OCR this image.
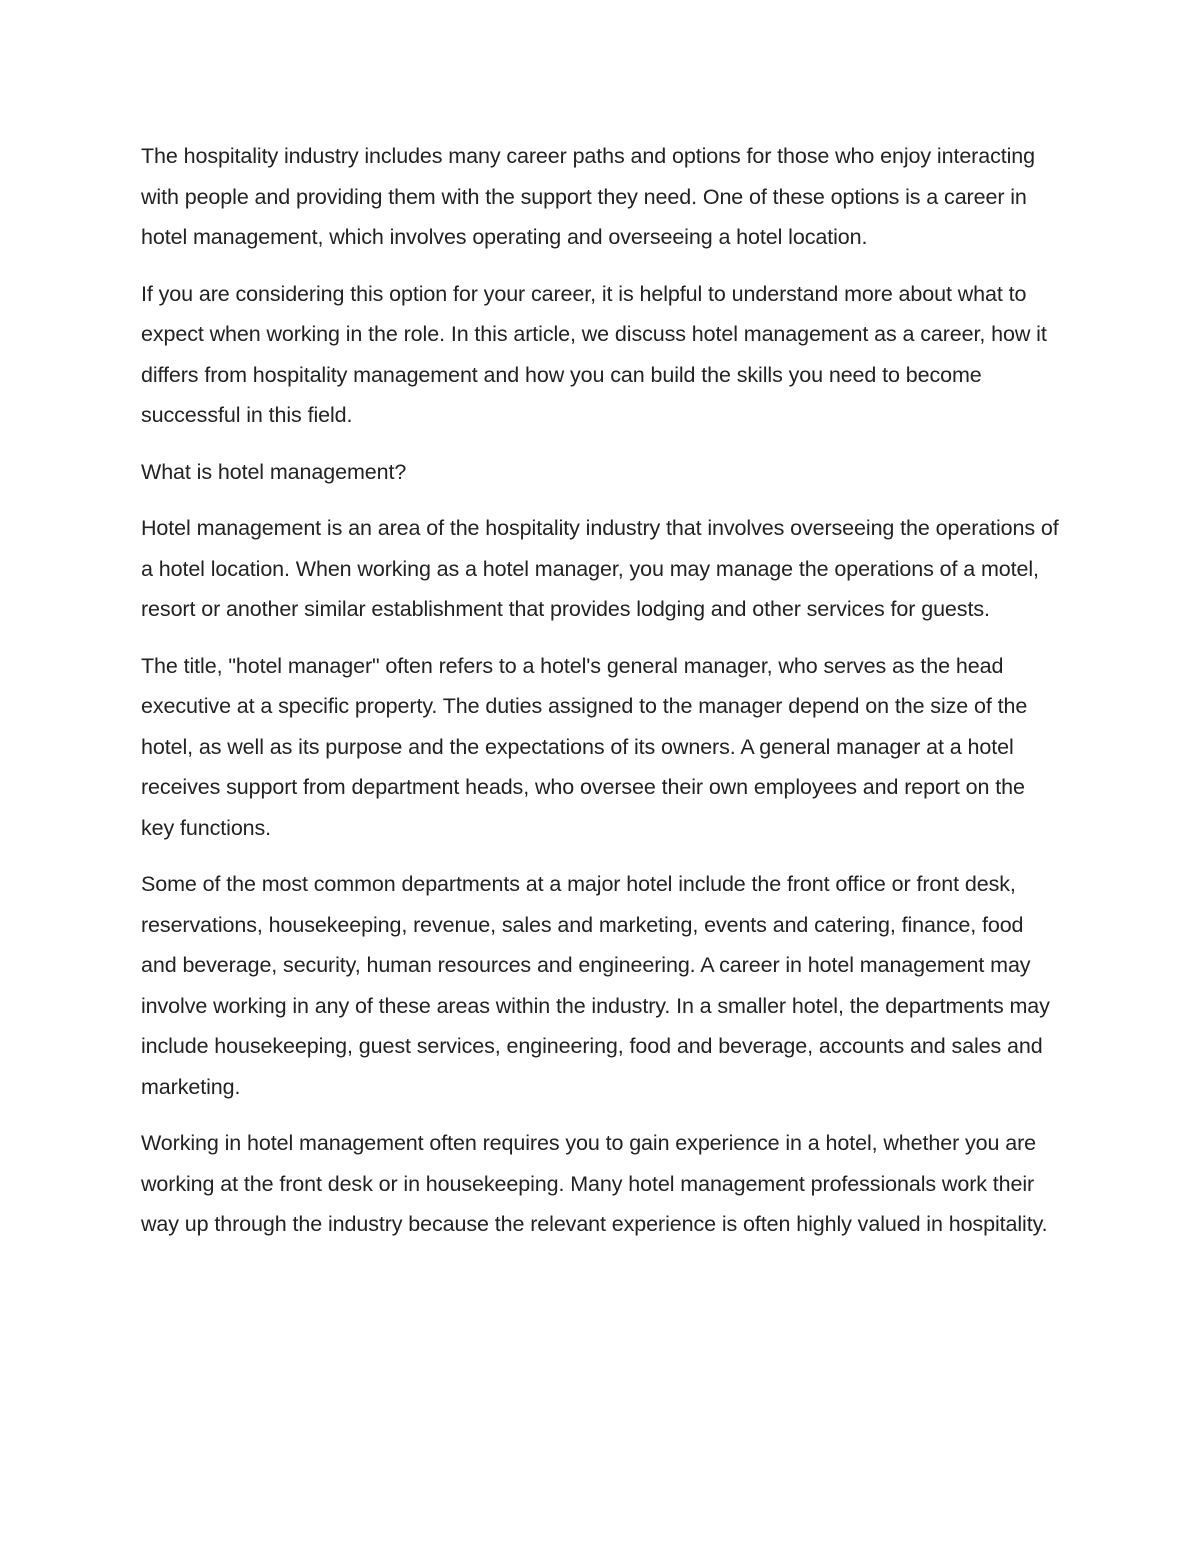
The hospitality industry includes many career paths and options for those who enjoy interacting with people and providing them with the support they need. One of these options is a career in hotel management, which involves operating and overseeing a hotel location.

If you are considering this option for your career, it is helpful to understand more about what to expect when working in the role. In this article, we discuss hotel management as a career, how it differs from hospitality management and how you can build the skills you need to become successful in this field.

What is hotel management?

Hotel management is an area of the hospitality industry that involves overseeing the operations of a hotel location. When working as a hotel manager, you may manage the operations of a motel, resort or another similar establishment that provides lodging and other services for guests.

The title, "hotel manager" often refers to a hotel's general manager, who serves as the head executive at a specific property. The duties assigned to the manager depend on the size of the hotel, as well as its purpose and the expectations of its owners. A general manager at a hotel receives support from department heads, who oversee their own employees and report on the key functions.

Some of the most common departments at a major hotel include the front office or front desk, reservations, housekeeping, revenue, sales and marketing, events and catering, finance, food and beverage, security, human resources and engineering. A career in hotel management may involve working in any of these areas within the industry. In a smaller hotel, the departments may include housekeeping, guest services, engineering, food and beverage, accounts and sales and marketing.

Working in hotel management often requires you to gain experience in a hotel, whether you are working at the front desk or in housekeeping. Many hotel management professionals work their way up through the industry because the relevant experience is often highly valued in hospitality.
